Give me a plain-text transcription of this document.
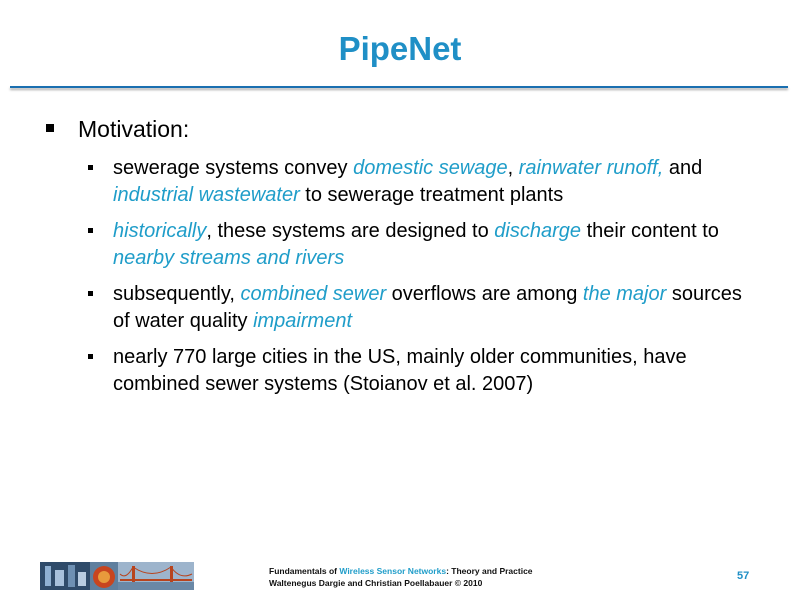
PipeNet
Motivation:
sewerage systems convey domestic sewage, rainwater runoff, and industrial wastewater to sewerage treatment plants
historically, these systems are designed to discharge their content to nearby streams and rivers
subsequently, combined sewer overflows are among the major sources of water quality impairment
nearly 770 large cities in the US, mainly older communities, have combined sewer systems (Stoianov et al. 2007)
Fundamentals of Wireless Sensor Networks: Theory and Practice
Waltenegus Dargie and Christian Poellabauer © 2010
57
